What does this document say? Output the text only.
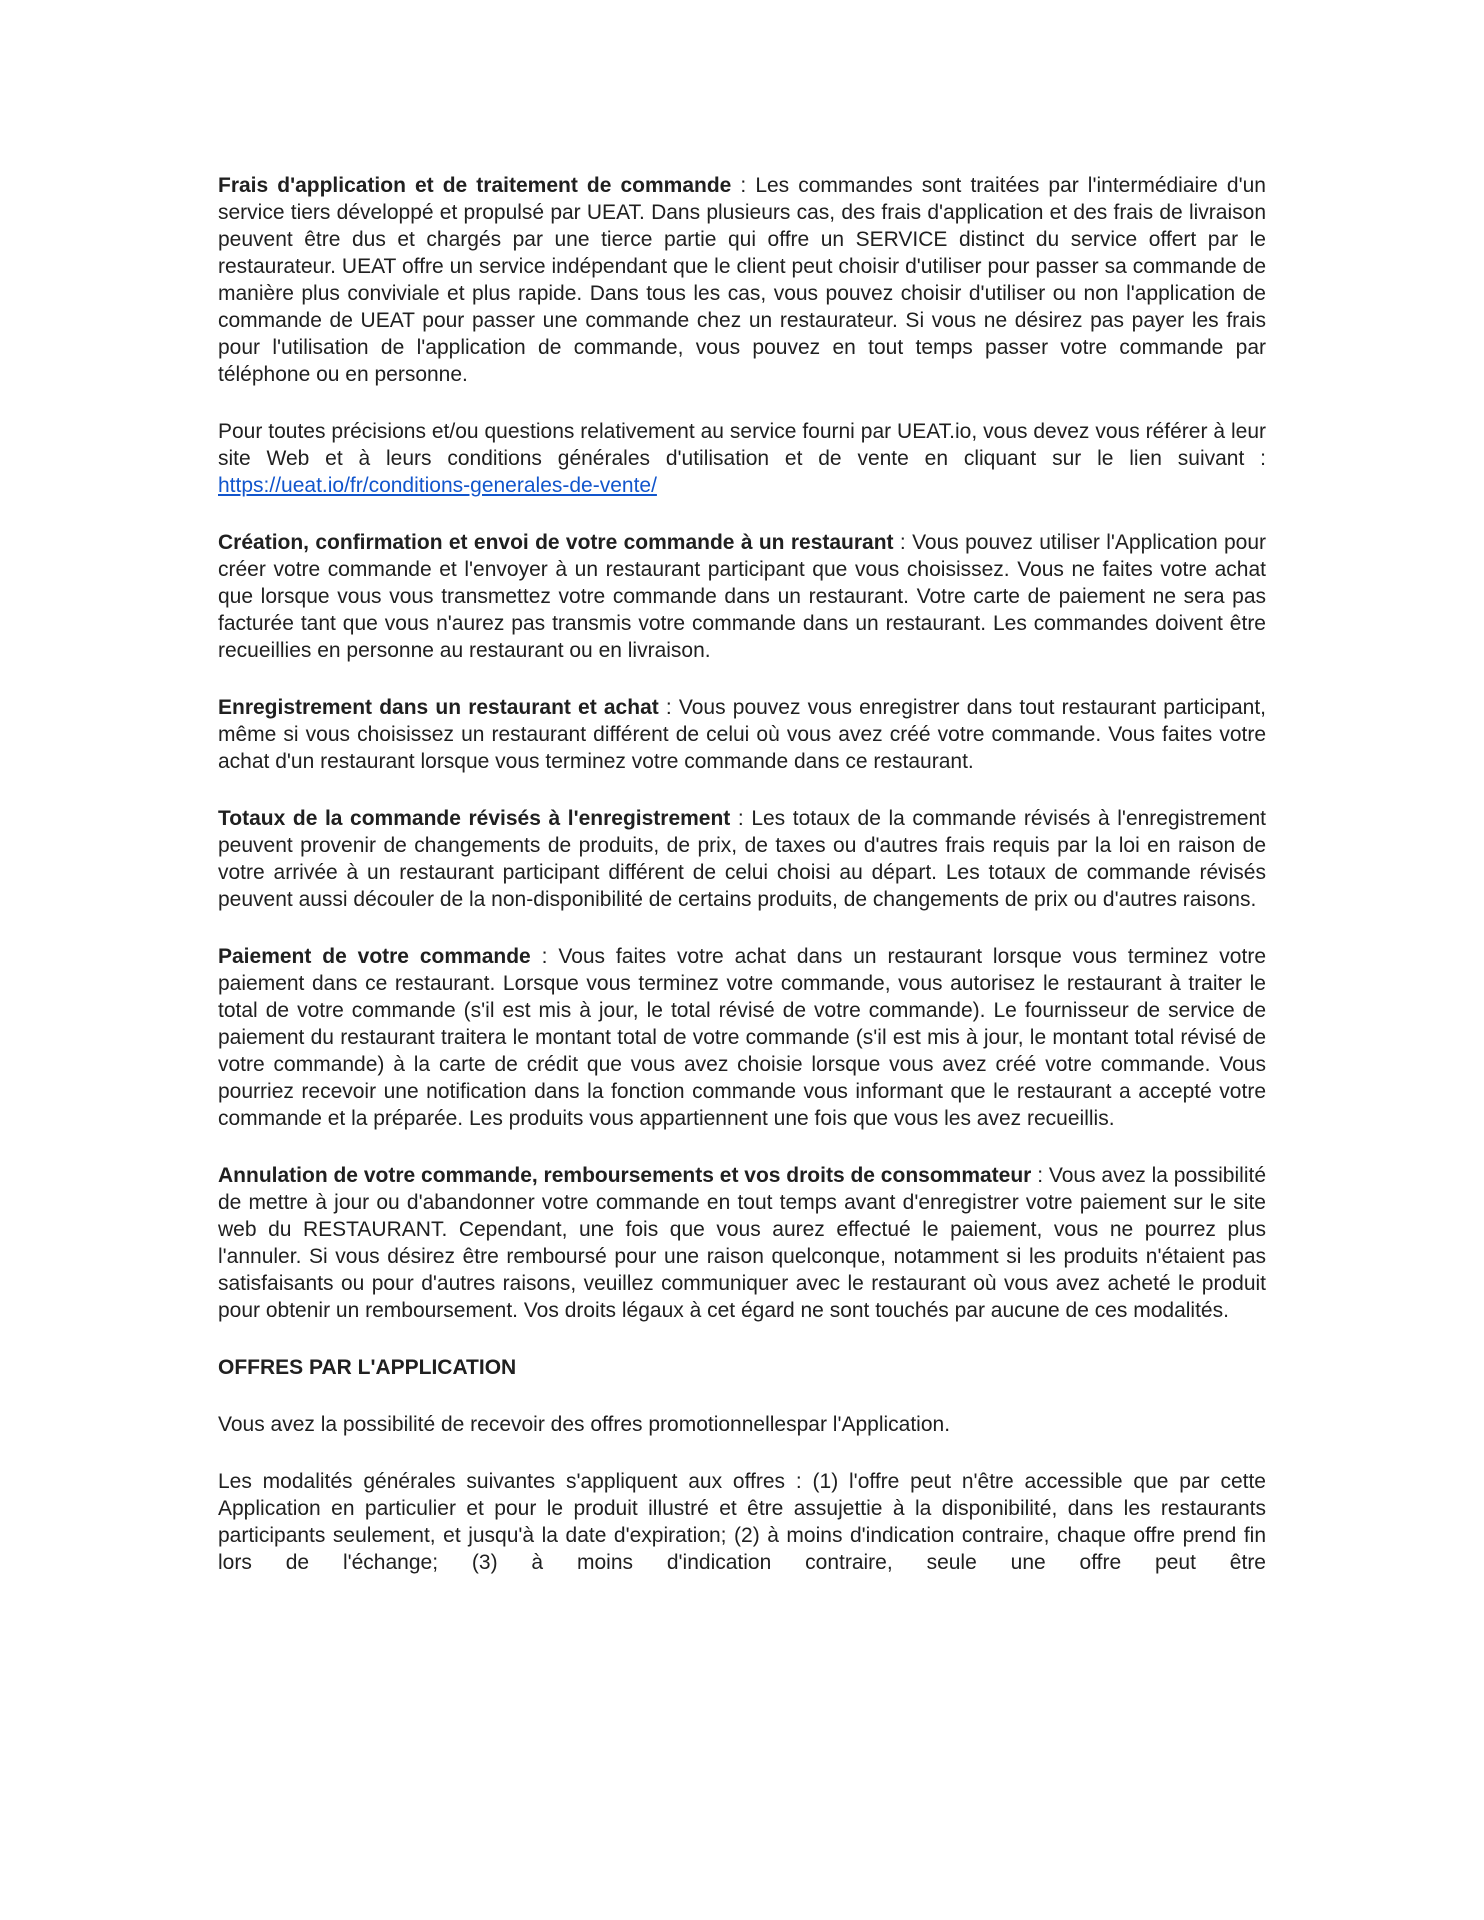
Frais d'application et de traitement de commande : Les commandes sont traitées par l'intermédiaire d'un service tiers développé et propulsé par UEAT. Dans plusieurs cas, des frais d'application et des frais de livraison peuvent être dus et chargés par une tierce partie qui offre un SERVICE distinct du service offert par le restaurateur. UEAT offre un service indépendant que le client peut choisir d'utiliser pour passer sa commande de manière plus conviviale et plus rapide. Dans tous les cas, vous pouvez choisir d'utiliser ou non l'application de commande de UEAT pour passer une commande chez un restaurateur. Si vous ne désirez pas payer les frais pour l'utilisation de l'application de commande, vous pouvez en tout temps passer votre commande par téléphone ou en personne.
Pour toutes précisions et/ou questions relativement au service fourni par UEAT.io, vous devez vous référer à leur site Web et à leurs conditions générales d'utilisation et de vente en cliquant sur le lien suivant : https://ueat.io/fr/conditions-generales-de-vente/
Création, confirmation et envoi de votre commande à un restaurant : Vous pouvez utiliser l'Application pour créer votre commande et l'envoyer à un restaurant participant que vous choisissez. Vous ne faites votre achat que lorsque vous vous transmettez votre commande dans un restaurant. Votre carte de paiement ne sera pas facturée tant que vous n'aurez pas transmis votre commande dans un restaurant. Les commandes doivent être recueillies en personne au restaurant ou en livraison.
Enregistrement dans un restaurant et achat : Vous pouvez vous enregistrer dans tout restaurant participant, même si vous choisissez un restaurant différent de celui où vous avez créé votre commande. Vous faites votre achat d'un restaurant lorsque vous terminez votre commande dans ce restaurant.
Totaux de la commande révisés à l'enregistrement : Les totaux de la commande révisés à l'enregistrement peuvent provenir de changements de produits, de prix, de taxes ou d'autres frais requis par la loi en raison de votre arrivée à un restaurant participant différent de celui choisi au départ. Les totaux de commande révisés peuvent aussi découler de la non-disponibilité de certains produits, de changements de prix ou d'autres raisons.
Paiement de votre commande : Vous faites votre achat dans un restaurant lorsque vous terminez votre paiement dans ce restaurant. Lorsque vous terminez votre commande, vous autorisez le restaurant à traiter le total de votre commande (s'il est mis à jour, le total révisé de votre commande). Le fournisseur de service de paiement du restaurant traitera le montant total de votre commande (s'il est mis à jour, le montant total révisé de votre commande) à la carte de crédit que vous avez choisie lorsque vous avez créé votre commande. Vous pourriez recevoir une notification dans la fonction commande vous informant que le restaurant a accepté votre commande et la préparée. Les produits vous appartiennent une fois que vous les avez recueillis.
Annulation de votre commande, remboursements et vos droits de consommateur : Vous avez la possibilité de mettre à jour ou d'abandonner votre commande en tout temps avant d'enregistrer votre paiement sur le site web du RESTAURANT. Cependant, une fois que vous aurez effectué le paiement, vous ne pourrez plus l'annuler. Si vous désirez être remboursé pour une raison quelconque, notamment si les produits n'étaient pas satisfaisants ou pour d'autres raisons, veuillez communiquer avec le restaurant où vous avez acheté le produit pour obtenir un remboursement. Vos droits légaux à cet égard ne sont touchés par aucune de ces modalités.
OFFRES PAR L'APPLICATION
Vous avez la possibilité de recevoir des offres promotionnellespar l'Application.
Les modalités générales suivantes s'appliquent aux offres : (1) l'offre peut n'être accessible que par cette Application en particulier et pour le produit illustré et être assujettie à la disponibilité, dans les restaurants participants seulement, et jusqu'à la date d'expiration; (2) à moins d'indication contraire, chaque offre prend fin lors de l'échange; (3) à moins d'indication contraire, seule une offre peut être
